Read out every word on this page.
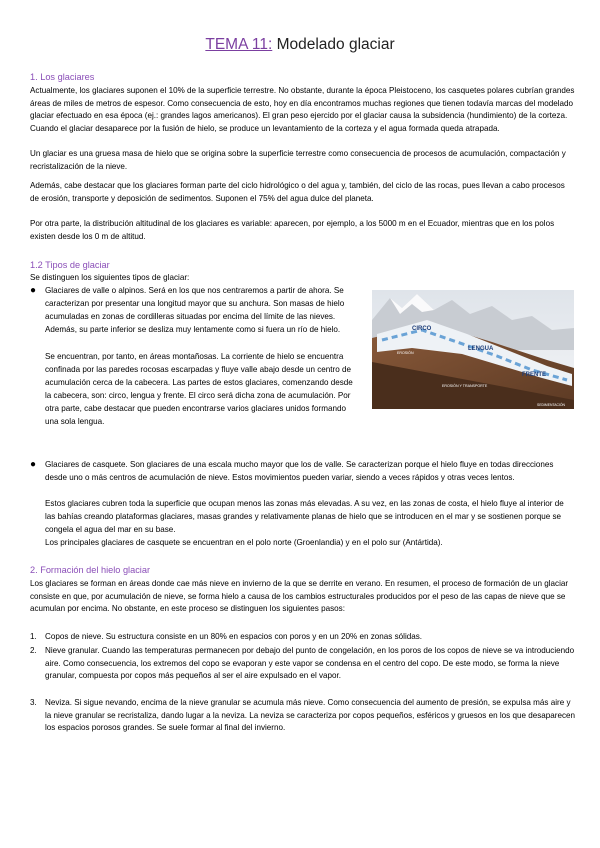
TEMA 11: Modelado glaciar
1. Los glaciares

Actualmente, los glaciares suponen el 10% de la superficie terrestre. No obstante, durante la época Pleistoceno, los casquetes polares cubrían grandes áreas de miles de metros de espesor. Como consecuencia de esto, hoy en día encontramos muchas regiones que tienen todavía marcas del modelado glaciar efectuado en esa época (ej.: grandes lagos americanos). El gran peso ejercido por el glaciar causa la subsidencia (hundimiento) de la corteza. Cuando el glaciar desaparece por la fusión de hielo, se produce un levantamiento de la corteza y el agua formada queda atrapada.

Un glaciar es una gruesa masa de hielo que se origina sobre la superficie terrestre como consecuencia de procesos de acumulación, compactación y recristalización de la nieve.

Además, cabe destacar que los glaciares forman parte del ciclo hidrológico o del agua y, también, del ciclo de las rocas, pues llevan a cabo procesos de erosión, transporte y deposición de sedimentos. Suponen el 75% del agua dulce del planeta.

Por otra parte, la distribución altitudinal de los glaciares es variable: aparecen, por ejemplo, a los 5000 m en el Ecuador, mientras que en los polos existen desde los 0 m de altitud.

1.2 Tipos de glaciar

Se distinguen los siguientes tipos de glaciar:

● Glaciares de valle o alpinos. Será en los que nos centraremos a partir de ahora. Se caracterizan por presentar una longitud mayor que su anchura. Son masas de hielo acumuladas en zonas de cordilleras situadas por encima del límite de las nieves. Además, su parte inferior se desliza muy lentamente como si fuera un río de hielo.

Se encuentran, por tanto, en áreas montañosas. La corriente de hielo se encuentra confinada por las paredes rocosas escarpadas y fluye valle abajo desde un centro de acumulación cerca de la cabecera. Las partes de estos glaciares, comenzando desde la cabecera, son: circo, lengua y frente. El circo será dicha zona de acumulación. Por otra parte, cabe destacar que pueden encontrarse varios glaciares unidos formando una sola lengua.

CIRCO
LENGUA
FRENTE
EROSIÓN
EROSIÓN Y TRANSPORTE
SEDIMENTACIÓN
● Glaciares de casquete. Son glaciares de una escala mucho mayor que los de valle. Se caracterizan porque el hielo fluye en todas direcciones desde uno o más centros de acumulación de nieve. Estos movimientos pueden variar, siendo a veces rápidos y otras veces lentos.

Estos glaciares cubren toda la superficie que ocupan menos las zonas más elevadas. A su vez, en las zonas de costa, el hielo fluye al interior de las bahías creando plataformas glaciares, masas grandes y relativamente planas de hielo que se introducen en el mar y se sostienen porque se congela el agua del mar en su base.

Los principales glaciares de casquete se encuentran en el polo norte (Groenlandia) y en el polo sur (Antártida).

2. Formación del hielo glaciar

Los glaciares se forman en áreas donde cae más nieve en invierno de la que se derrite en verano. En resumen, el proceso de formación de un glaciar consiste en que, por acumulación de nieve, se forma hielo a causa de los cambios estructurales producidos por el peso de las capas de nieve que se acumulan por encima. No obstante, en este proceso se distinguen los siguientes pasos:

1. Copos de nieve. Su estructura consiste en un 80% en espacios con poros y en un 20% en zonas sólidas.

2. Nieve granular. Cuando las temperaturas permanecen por debajo del punto de congelación, en los poros de los copos de nieve se va introduciendo aire. Como consecuencia, los extremos del copo se evaporan y este vapor se condensa en el centro del copo. De este modo, se forma la nieve granular, compuesta por copos más pequeños al ser el aire expulsado en el vapor.

3. Neviza. Si sigue nevando, encima de la nieve granular se acumula más nieve. Como consecuencia del aumento de presión, se expulsa más aire y la nieve granular se recristaliza, dando lugar a la neviza. La neviza se caracteriza por copos pequeños, esféricos y gruesos en los que desaparecen los espacios porosos grandes. Se suele formar al final del invierno.
